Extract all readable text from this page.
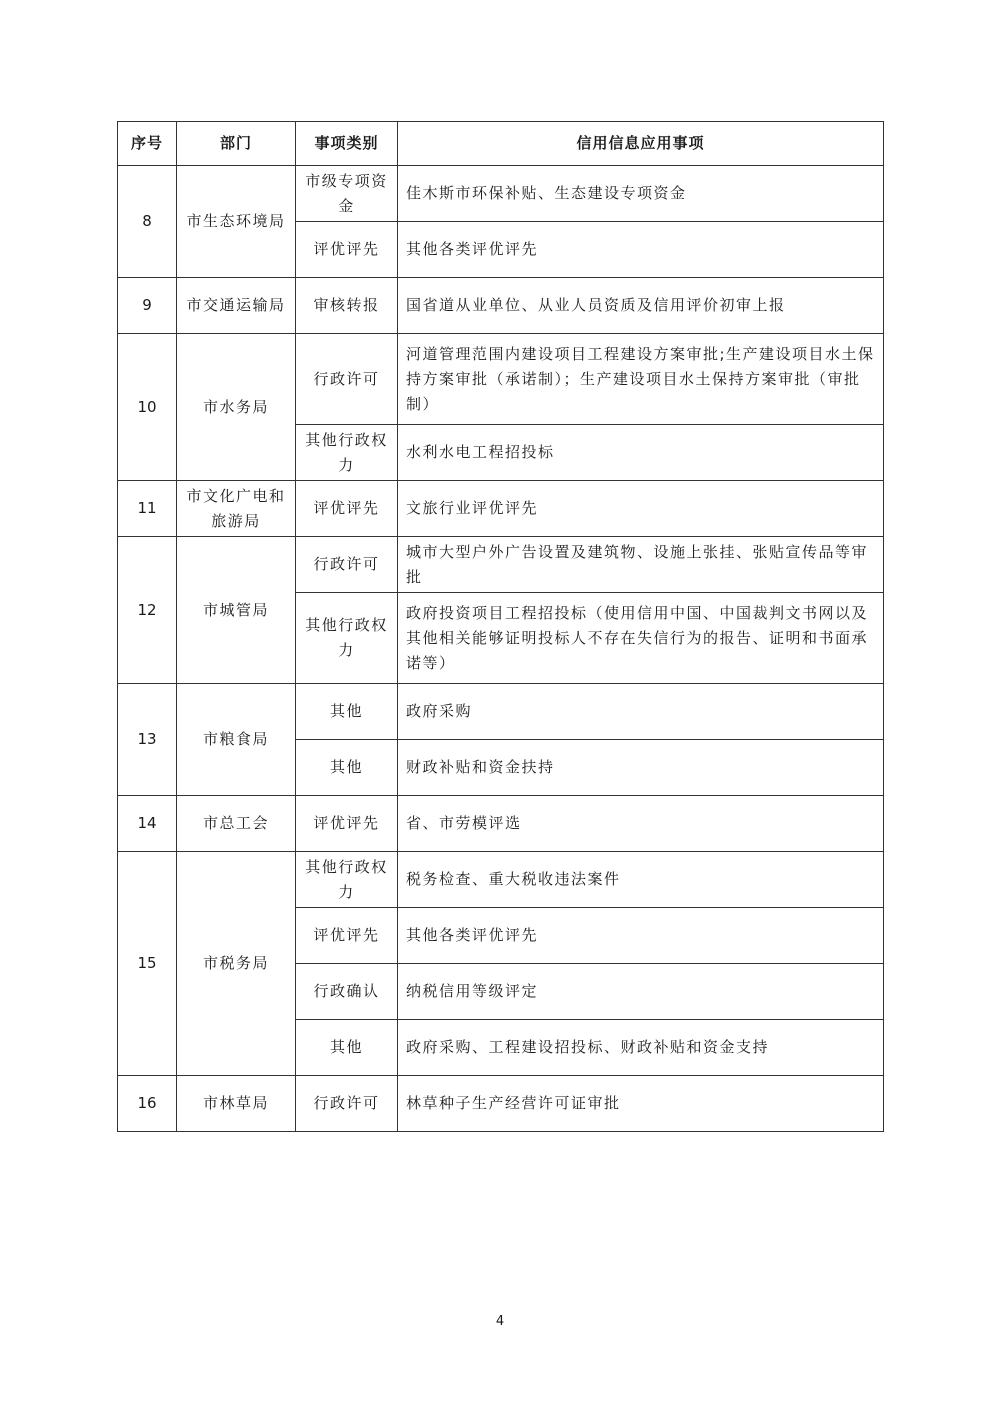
序号	部门	事项类别	信用信息应用事项
8	市生态环境局	市级专项资金	佳木斯市环保补贴、生态建设专项资金
		评优评先	其他各类评优评先
9	市交通运输局	审核转报	国省道从业单位、从业人员资质及信用评价初审上报
10	市水务局	行政许可	河道管理范围内建设项目工程建设方案审批;生产建设项目水土保持方案审批（承诺制）；生产建设项目水土保持方案审批（审批制）
		其他行政权力	水利水电工程招投标
11	市文化广电和旅游局	评优评先	文旅行业评优评先
12	市城管局	行政许可	城市大型户外广告设置及建筑物、设施上张挂、张贴宣传品等审批
		其他行政权力	政府投资项目工程招投标（使用信用中国、中国裁判文书网以及其他相关能够证明投标人不存在失信行为的报告、证明和书面承诺等）
13	市粮食局	其他	政府采购
		其他	财政补贴和资金扶持
14	市总工会	评优评先	省、市劳模评选
15	市税务局	其他行政权力	税务检查、重大税收违法案件
		评优评先	其他各类评优评先
		行政确认	纳税信用等级评定
		其他	政府采购、工程建设招投标、财政补贴和资金支持
16	市林草局	行政许可	林草种子生产经营许可证审批
4
